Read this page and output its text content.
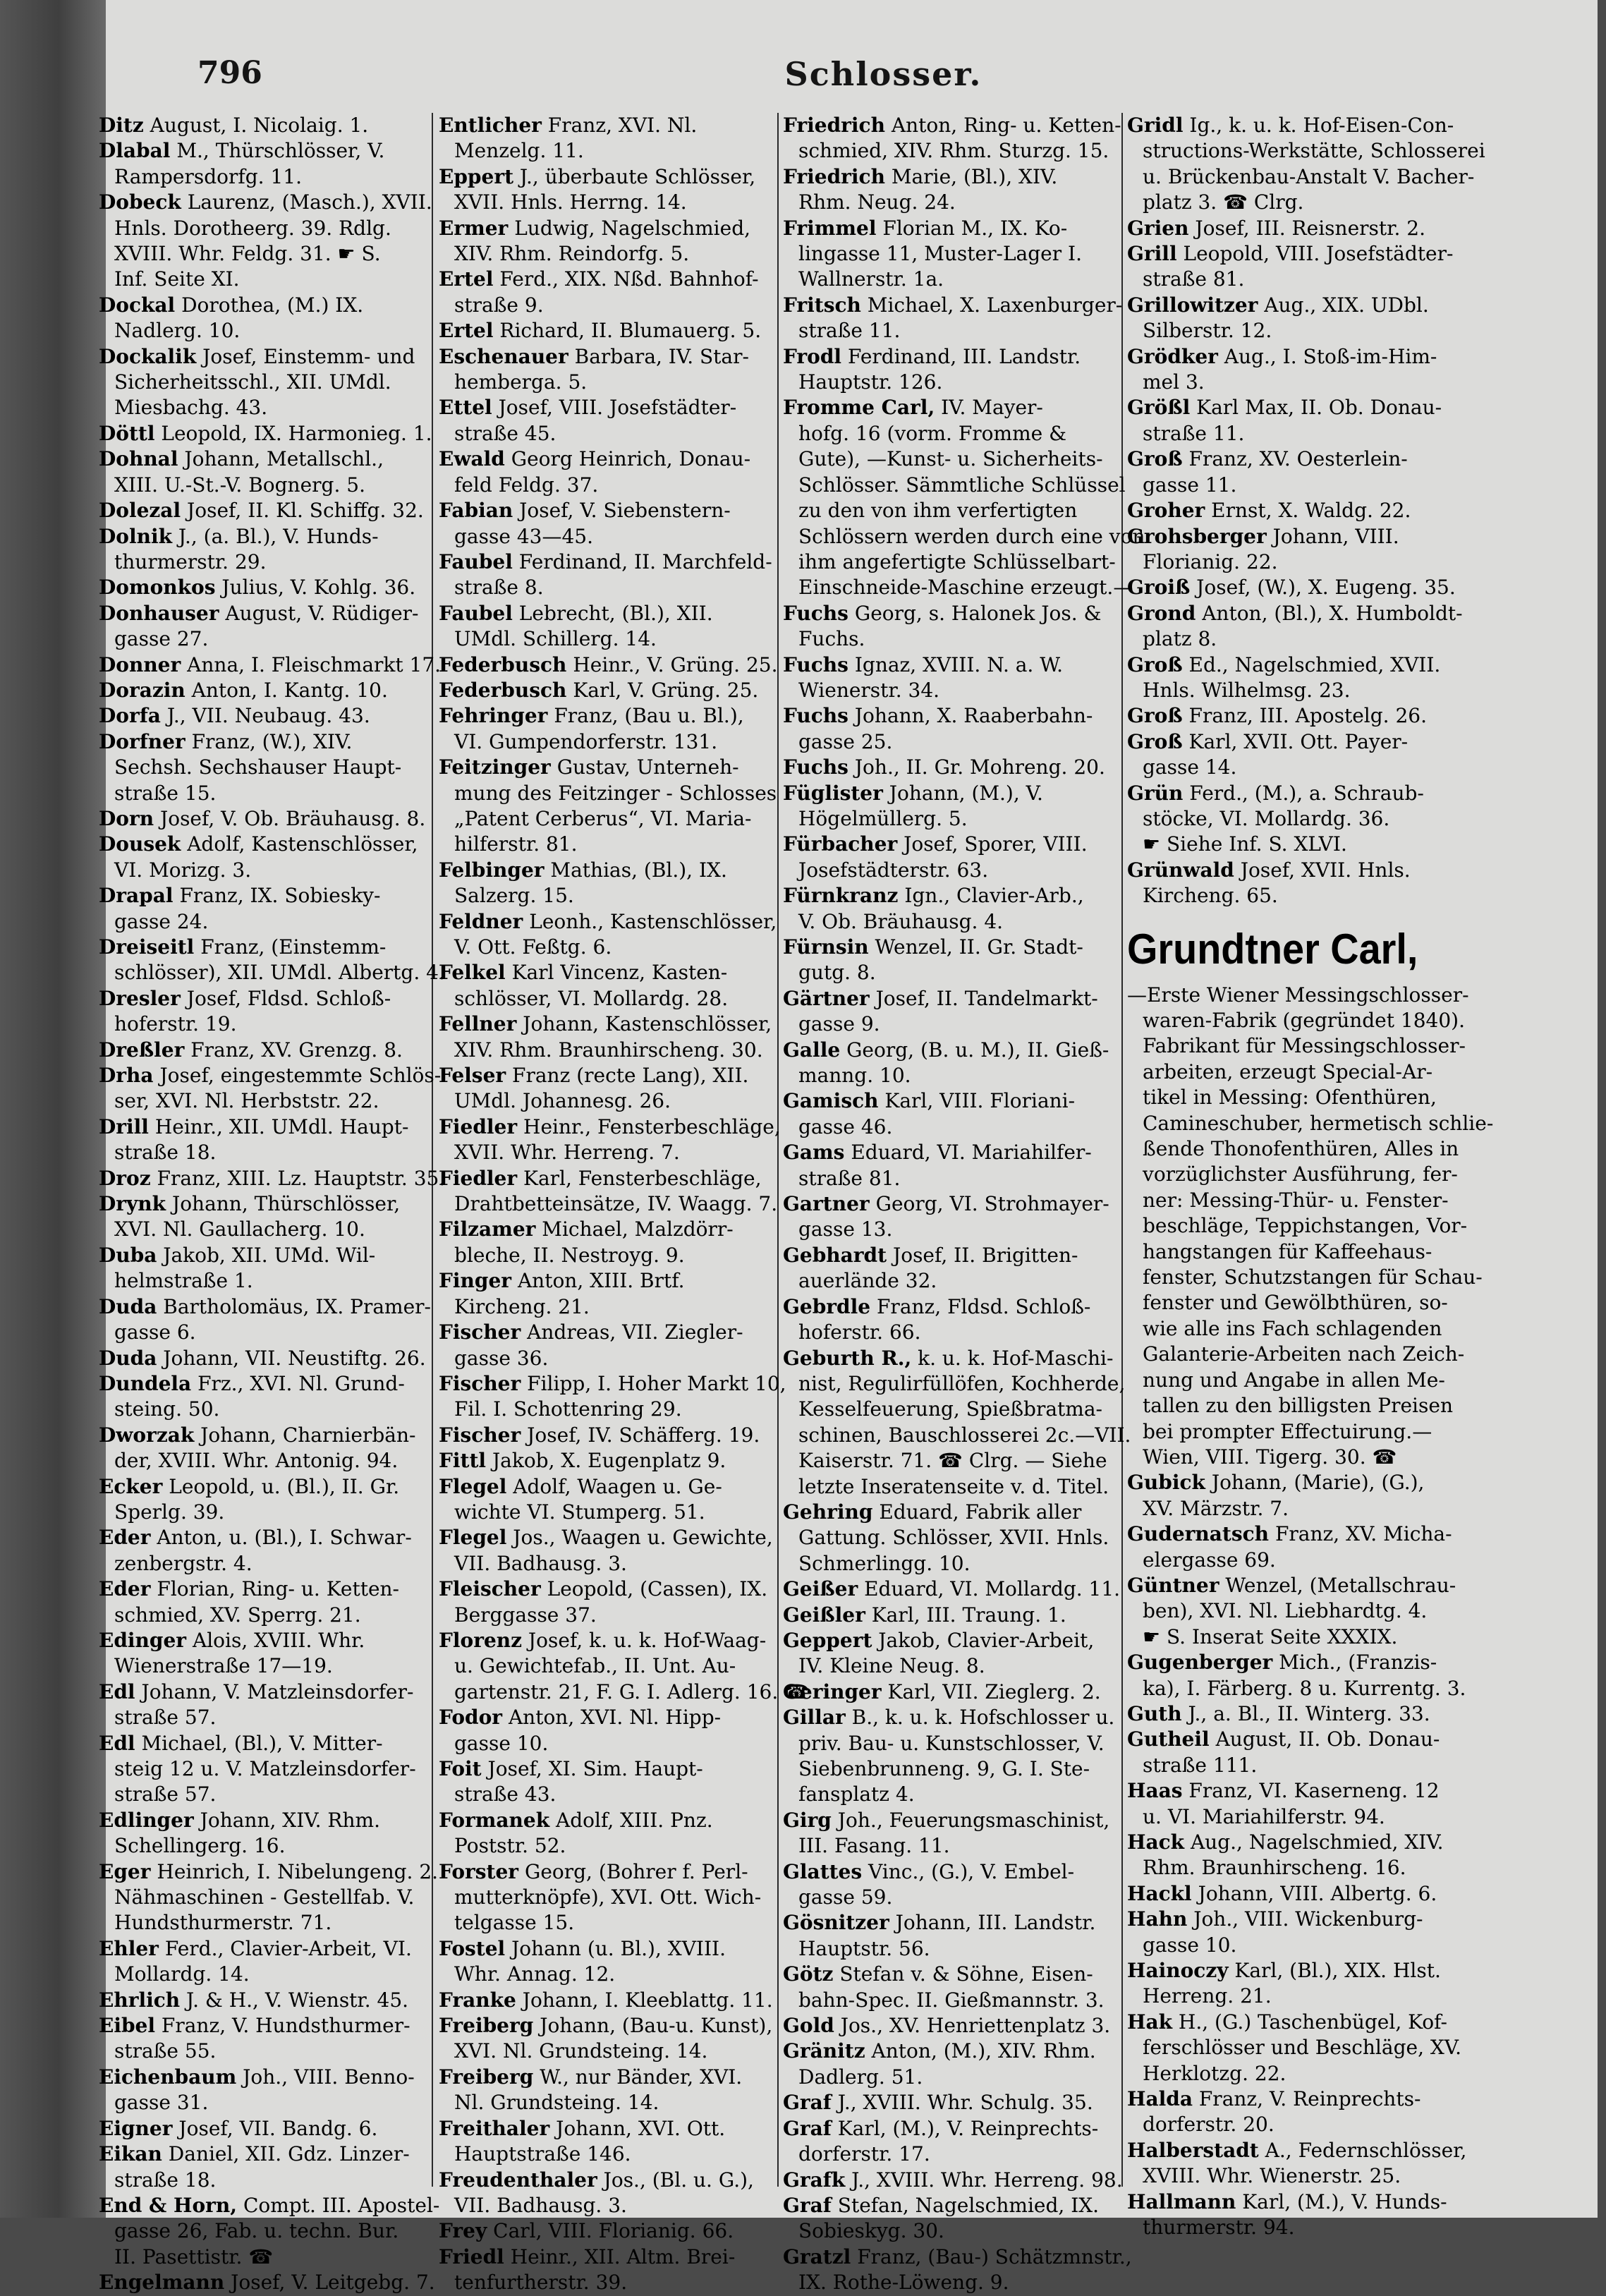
796	Schlosser.
Ditz August, I. Nicolaig. 1.
Dlabal M., Thürschlösser, V.
Rampersdorfg. 11.
Dobeck Laurenz, (Masch.), XVII.
Hnls. Dorotheerg. 39. Rdlg.
XVIII. Whr. Feldg. 31. ☛ S.
Inf. Seite XI.
Dockal Dorothea, (M.) IX.
Nadlerg. 10.
Dockalik Josef, Einstemm- und
Sicherheitsschl., XII. UMdl.
Miesbachg. 43.
Döttl Leopold, IX. Harmonieg. 1.
Dohnal Johann, Metallschl.,
XIII. U.-St.-V. Bognerg. 5.
Dolezal Josef, II. Kl. Schiffg. 32.
Dolnik J., (a. Bl.), V. Hunds-
thurmerstr. 29.
Domonkos Julius, V. Kohlg. 36.
Donhauser August, V. Rüdiger-
gasse 27.
Donner Anna, I. Fleischmarkt 17.
Dorazin Anton, I. Kantg. 10.
Dorfa J., VII. Neubaug. 43.
Dorfner Franz, (W.), XIV.
Sechsh. Sechshauser Haupt-
straße 15.
Dorn Josef, V. Ob. Bräuhausg. 8.
Dousek Adolf, Kastenschlösser,
VI. Morizg. 3.
Drapal Franz, IX. Sobiesky-
gasse 24.
Dreiseitl Franz, (Einstemm-
schlösser), XII. UMdl. Albertg. 4.
Dresler Josef, Fldsd. Schloß-
hoferstr. 19.
Dreßler Franz, XV. Grenzg. 8.
Drha Josef, eingestemmte Schlös-
ser, XVI. Nl. Herbststr. 22.
Drill Heinr., XII. UMdl. Haupt-
straße 18.
Droz Franz, XIII. Lz. Hauptstr. 35.
Drynk Johann, Thürschlösser,
XVI. Nl. Gaullacherg. 10.
Duba Jakob, XII. UMd. Wil-
helmstraße 1.
Duda Bartholomäus, IX. Pramer-
gasse 6.
Duda Johann, VII. Neustiftg. 26.
Dundela Frz., XVI. Nl. Grund-
steing. 50.
Dworzak Johann, Charnierbän-
der, XVIII. Whr. Antonig. 94.
Ecker Leopold, u. (Bl.), II. Gr.
Sperlg. 39.
Eder Anton, u. (Bl.), I. Schwar-
zenbergstr. 4.
Eder Florian, Ring- u. Ketten-
schmied, XV. Sperrg. 21.
Edinger Alois, XVIII. Whr.
Wienerstraße 17—19.
Edl Johann, V. Matzleinsdorfer-
straße 57.
Edl Michael, (Bl.), V. Mitter-
steig 12 u. V. Matzleinsdorfer-
straße 57.
Edlinger Johann, XIV. Rhm.
Schellingerg. 16.
Eger Heinrich, I. Nibelungeng. 2.
Nähmaschinen - Gestellfab. V.
Hundsthurmerstr. 71.
Ehler Ferd., Clavier-Arbeit, VI.
Mollardg. 14.
Ehrlich J. & H., V. Wienstr. 45.
Eibel Franz, V. Hundsthurmer-
straße 55.
Eichenbaum Joh., VIII. Benno-
gasse 31.
Eigner Josef, VII. Bandg. 6.
Eikan Daniel, XII. Gdz. Linzer-
straße 18.
End & Horn, Compt. III. Apostel-
gasse 26, Fab. u. techn. Bur.
II. Pasettistr. ☎
Engelmann Josef, V. Leitgebg. 7.
Entlicher Franz, XVI. Nl.
Menzelg. 11.
Eppert J., überbaute Schlösser,
XVII. Hnls. Herrng. 14.
Ermer Ludwig, Nagelschmied,
XIV. Rhm. Reindorfg. 5.
Ertel Ferd., XIX. Nßd. Bahnhof-
straße 9.
Ertel Richard, II. Blumauerg. 5.
Eschenauer Barbara, IV. Star-
hemberga. 5.
Ettel Josef, VIII. Josefstädter-
straße 45.
Ewald Georg Heinrich, Donau-
feld Feldg. 37.
Fabian Josef, V. Siebenstern-
gasse 43—45.
Faubel Ferdinand, II. Marchfeld-
straße 8.
Faubel Lebrecht, (Bl.), XII.
UMdl. Schillerg. 14.
Federbusch Heinr., V. Grüng. 25.
Federbusch Karl, V. Grüng. 25.
Fehringer Franz, (Bau u. Bl.),
VI. Gumpendorferstr. 131.
Feitzinger Gustav, Unterneh-
mung des Feitzinger - Schlosses
„Patent Cerberus“, VI. Maria-
hilferstr. 81.
Felbinger Mathias, (Bl.), IX.
Salzerg. 15.
Feldner Leonh., Kastenschlösser,
V. Ott. Feßtg. 6.
Felkel Karl Vincenz, Kasten-
schlösser, VI. Mollardg. 28.
Fellner Johann, Kastenschlösser,
XIV. Rhm. Braunhirscheng. 30.
Felser Franz (recte Lang), XII.
UMdl. Johannesg. 26.
Fiedler Heinr., Fensterbeschläge,
XVII. Whr. Herreng. 7.
Fiedler Karl, Fensterbeschläge,
Drahtbetteinsätze, IV. Waagg. 7.
Filzamer Michael, Malzdörr-
bleche, II. Nestroyg. 9.
Finger Anton, XIII. Brtf.
Kircheng. 21.
Fischer Andreas, VII. Ziegler-
gasse 36.
Fischer Filipp, I. Hoher Markt 10,
Fil. I. Schottenring 29.
Fischer Josef, IV. Schäfferg. 19.
Fittl Jakob, X. Eugenplatz 9.
Flegel Adolf, Waagen u. Ge-
wichte VI. Stumperg. 51.
Flegel Jos., Waagen u. Gewichte,
VII. Badhausg. 3.
Fleischer Leopold, (Cassen), IX.
Berggasse 37.
Florenz Josef, k. u. k. Hof-Waag-
u. Gewichtefab., II. Unt. Au-
gartenstr. 21, F. G. I. Adlerg. 16. ☎
Fodor Anton, XVI. Nl. Hipp-
gasse 10.
Foit Josef, XI. Sim. Haupt-
straße 43.
Formanek Adolf, XIII. Pnz.
Poststr. 52.
Forster Georg, (Bohrer f. Perl-
mutterknöpfe), XVI. Ott. Wich-
telgasse 15.
Fostel Johann (u. Bl.), XVIII.
Whr. Annag. 12.
Franke Johann, I. Kleeblattg. 11.
Freiberg Johann, (Bau-u. Kunst),
XVI. Nl. Grundsteing. 14.
Freiberg W., nur Bänder, XVI.
Nl. Grundsteing. 14.
Freithaler Johann, XVI. Ott.
Hauptstraße 146.
Freudenthaler Jos., (Bl. u. G.),
VII. Badhausg. 3.
Frey Carl, VIII. Florianig. 66.
Friedl Heinr., XII. Altm. Brei-
tenfurtherstr. 39.
Friedrich Anton, Ring- u. Ketten-
schmied, XIV. Rhm. Sturzg. 15.
Friedrich Marie, (Bl.), XIV.
Rhm. Neug. 24.
Frimmel Florian M., IX. Ko-
lingasse 11, Muster-Lager I.
Wallnerstr. 1a.
Fritsch Michael, X. Laxenburger-
straße 11.
Frodl Ferdinand, III. Landstr.
Hauptstr. 126.
Fromme Carl, IV. Mayer-
hofg. 16 (vorm. Fromme &
Gute), —Kunst- u. Sicherheits-
Schlösser. Sämmtliche Schlüssel
zu den von ihm verfertigten
Schlössern werden durch eine von
ihm angefertigte Schlüsselbart-
Einschneide-Maschine erzeugt.—
Fuchs Georg, s. Halonek Jos. &
Fuchs.
Fuchs Ignaz, XVIII. N. a. W.
Wienerstr. 34.
Fuchs Johann, X. Raaberbahn-
gasse 25.
Fuchs Joh., II. Gr. Mohreng. 20.
Füglister Johann, (M.), V.
Högelmüllerg. 5.
Fürbacher Josef, Sporer, VIII.
Josefstädterstr. 63.
Fürnkranz Ign., Clavier-Arb.,
V. Ob. Bräuhausg. 4.
Fürnsin Wenzel, II. Gr. Stadt-
gutg. 8.
Gärtner Josef, II. Tandelmarkt-
gasse 9.
Galle Georg, (B. u. M.), II. Gieß-
manng. 10.
Gamisch Karl, VIII. Floriani-
gasse 46.
Gams Eduard, VI. Mariahilfer-
straße 81.
Gartner Georg, VI. Strohmayer-
gasse 13.
Gebhardt Josef, II. Brigitten-
auerlände 32.
Gebrdle Franz, Fldsd. Schloß-
hoferstr. 66.
Geburth R., k. u. k. Hof-Maschi-
nist, Regulirfüllöfen, Kochherde,
Kesselfeuerung, Spießbratma-
schinen, Bauschlosserei 2c.—VII.
Kaiserstr. 71. ☎ Clrg. — Siehe
letzte Inseratenseite v. d. Titel.
Gehring Eduard, Fabrik aller
Gattung. Schlösser, XVII. Hnls.
Schmerlingg. 10.
Geißer Eduard, VI. Mollardg. 11.
Geißler Karl, III. Traung. 1.
Geppert Jakob, Clavier-Arbeit,
IV. Kleine Neug. 8.
Geringer Karl, VII. Zieglerg. 2.
Gillar B., k. u. k. Hofschlosser u.
priv. Bau- u. Kunstschlosser, V.
Siebenbrunneng. 9, G. I. Ste-
fansplatz 4.
Girg Joh., Feuerungsmaschinist,
III. Fasang. 11.
Glattes Vinc., (G.), V. Embel-
gasse 59.
Gösnitzer Johann, III. Landstr.
Hauptstr. 56.
Götz Stefan v. & Söhne, Eisen-
bahn-Spec. II. Gießmannstr. 3.
Gold Jos., XV. Henriettenplatz 3.
Gränitz Anton, (M.), XIV. Rhm.
Dadlerg. 51.
Graf J., XVIII. Whr. Schulg. 35.
Graf Karl, (M.), V. Reinprechts-
dorferstr. 17.
Grafk J., XVIII. Whr. Herreng. 98.
Graf Stefan, Nagelschmied, IX.
Sobieskyg. 30.
Gratzl Franz, (Bau-) Schätzmnstr.,
IX. Rothe-Löweng. 9.
Gridl Ig., k. u. k. Hof-Eisen-Con-
structions-Werkstätte, Schlosserei
u. Brückenbau-Anstalt V. Bacher-
platz 3. ☎ Clrg.
Grien Josef, III. Reisnerstr. 2.
Grill Leopold, VIII. Josefstädter-
straße 81.
Grillowitzer Aug., XIX. UDbl.
Silberstr. 12.
Grödker Aug., I. Stoß-im-Him-
mel 3.
Größl Karl Max, II. Ob. Donau-
straße 11.
Groß Franz, XV. Oesterlein-
gasse 11.
Groher Ernst, X. Waldg. 22.
Grohsberger Johann, VIII.
Florianig. 22.
Groiß Josef, (W.), X. Eugeng. 35.
Grond Anton, (Bl.), X. Humboldt-
platz 8.
Groß Ed., Nagelschmied, XVII.
Hnls. Wilhelmsg. 23.
Groß Franz, III. Apostelg. 26.
Groß Karl, XVII. Ott. Payer-
gasse 14.
Grün Ferd., (M.), a. Schraub-
stöcke, VI. Mollardg. 36.
☛ Siehe Inf. S. XLVI.
Grünwald Josef, XVII. Hnls.
Kircheng. 65.
Grundtner Carl,
—Erste Wiener Messingschlosser-
waren-Fabrik (gegründet 1840).
Fabrikant für Messingschlosser-
arbeiten, erzeugt Special-Ar-
tikel in Messing: Ofenthüren,
Camineschuber, hermetisch schlie-
ßende Thonofenthüren, Alles in
vorzüglichster Ausführung, fer-
ner: Messing-Thür- u. Fenster-
beschläge, Teppichstangen, Vor-
hangstangen für Kaffeehaus-
fenster, Schutzstangen für Schau-
fenster und Gewölbthüren, so-
wie alle ins Fach schlagenden
Galanterie-Arbeiten nach Zeich-
nung und Angabe in allen Me-
tallen zu den billigsten Preisen
bei prompter Effectuirung.—
Wien, VIII. Tigerg. 30. ☎
Gubick Johann, (Marie), (G.),
XV. Märzstr. 7.
Gudernatsch Franz, XV. Micha-
elergasse 69.
Güntner Wenzel, (Metallschrau-
ben), XVI. Nl. Liebhardtg. 4.
☛ S. Inserat Seite XXXIX.
Gugenberger Mich., (Franzis-
ka), I. Färberg. 8 u. Kurrentg. 3.
Guth J., a. Bl., II. Winterg. 33.
Gutheil August, II. Ob. Donau-
straße 111.
Haas Franz, VI. Kaserneng. 12
u. VI. Mariahilferstr. 94.
Hack Aug., Nagelschmied, XIV.
Rhm. Braunhirscheng. 16.
Hackl Johann, VIII. Albertg. 6.
Hahn Joh., VIII. Wickenburg-
gasse 10.
Hainoczy Karl, (Bl.), XIX. Hlst.
Herreng. 21.
Hak H., (G.) Taschenbügel, Kof-
ferschlösser und Beschläge, XV.
Herklotzg. 22.
Halda Franz, V. Reinprechts-
dorferstr. 20.
Halberstadt A., Federnschlösser,
XVIII. Whr. Wienerstr. 25.
Hallmann Karl, (M.), V. Hunds-
thurmerstr. 94.
